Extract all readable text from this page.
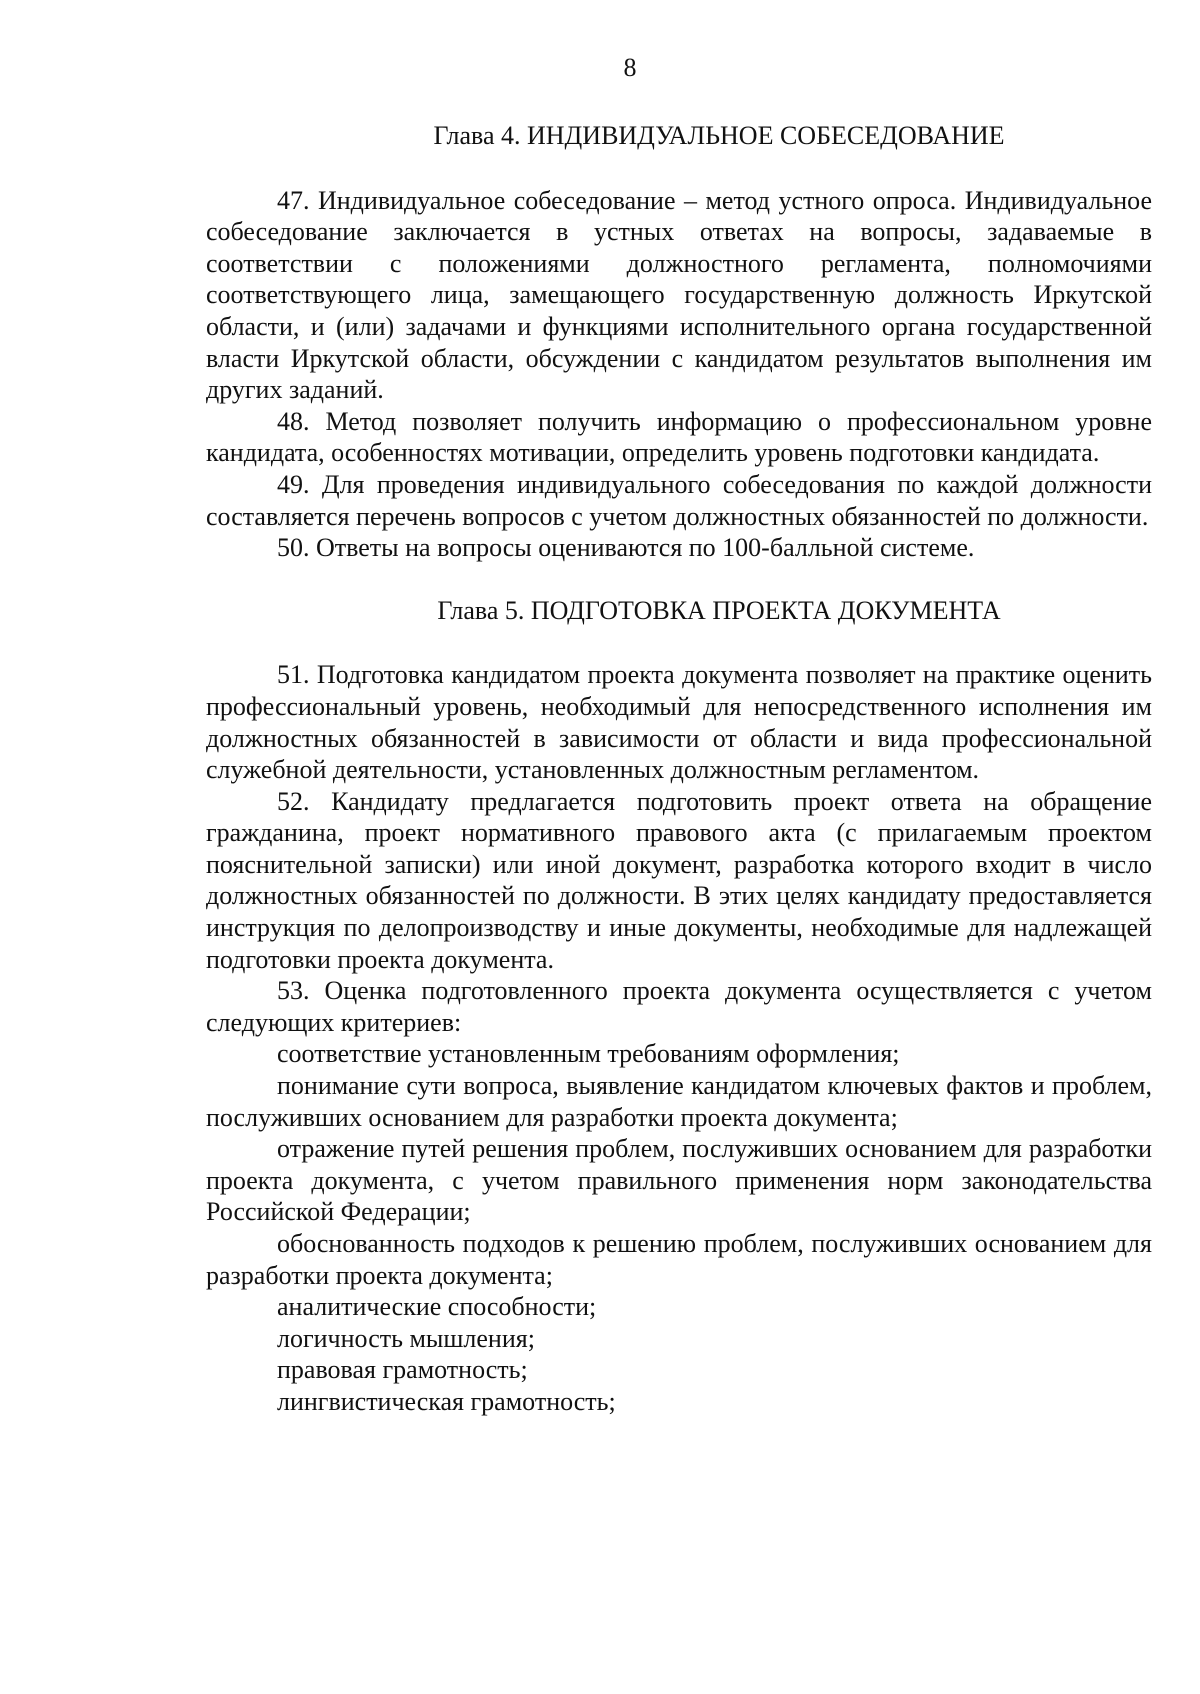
8
Глава 4. ИНДИВИДУАЛЬНОЕ СОБЕСЕДОВАНИЕ

47. Индивидуальное собеседование – метод устного опроса. Индивидуальное собеседование заключается в устных ответах на вопросы, задаваемые в соответствии с положениями должностного регламента, полномочиями соответствующего лица, замещающего государственную должность Иркутской области, и (или) задачами и функциями исполнительного органа государственной власти Иркутской области, обсуждении с кандидатом результатов выполнения им других заданий.

48. Метод позволяет получить информацию о профессиональном уровне кандидата, особенностях мотивации, определить уровень подготовки кандидата.

49. Для проведения индивидуального собеседования по каждой должности составляется перечень вопросов с учетом должностных обязанностей по должности.

50. Ответы на вопросы оцениваются по 100-балльной системе.

Глава 5. ПОДГОТОВКА ПРОЕКТА ДОКУМЕНТА

51. Подготовка кандидатом проекта документа позволяет на практике оценить профессиональный уровень, необходимый для непосредственного исполнения им должностных обязанностей в зависимости от области и вида профессиональной служебной деятельности, установленных должностным регламентом.

52. Кандидату предлагается подготовить проект ответа на обращение гражданина, проект нормативного правового акта (с прилагаемым проектом пояснительной записки) или иной документ, разработка которого входит в число должностных обязанностей по должности. В этих целях кандидату предоставляется инструкция по делопроизводству и иные документы, необходимые для надлежащей подготовки проекта документа.

53. Оценка подготовленного проекта документа осуществляется с учетом следующих критериев:

соответствие установленным требованиям оформления;

понимание сути вопроса, выявление кандидатом ключевых фактов и проблем, послуживших основанием для разработки проекта документа;

отражение путей решения проблем, послуживших основанием для разработки проекта документа, с учетом правильного применения норм законодательства Российской Федерации;

обоснованность подходов к решению проблем, послуживших основанием для разработки проекта документа;

аналитические способности;

логичность мышления;

правовая грамотность;

лингвистическая грамотность;
